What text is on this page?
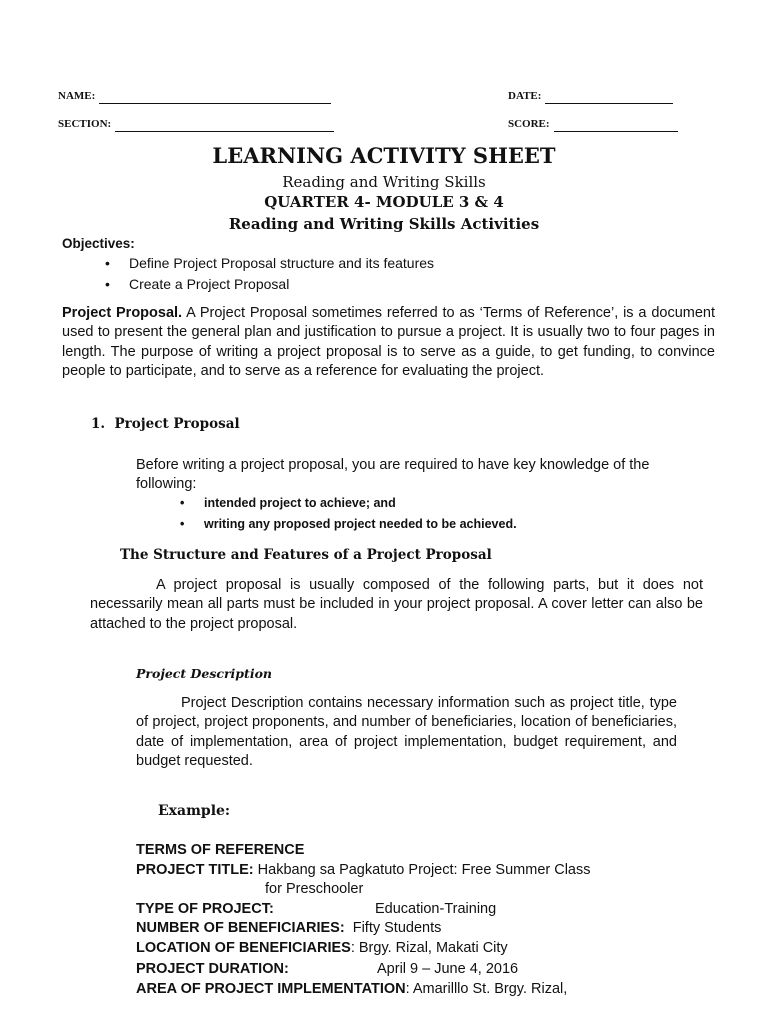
NAME:	DATE:
SECTION:	SCORE:
LEARNING ACTIVITY SHEET
Reading and Writing Skills
QUARTER 4- MODULE 3 & 4
Reading and Writing Skills Activities
Objectives:
• Define Project Proposal structure and its features
• Create a Project Proposal
Project Proposal. A Project Proposal sometimes referred to as ‘Terms of Reference’, is a document used to present the general plan and justification to pursue a project. It is usually two to four pages in length. The purpose of writing a project proposal is to serve as a guide, to get funding, to convince people to participate, and to serve as a reference for evaluating the project.
1. Project Proposal
Before writing a project proposal, you are required to have key knowledge of the following:
• intended project to achieve; and
• writing any proposed project needed to be achieved.
The Structure and Features of a Project Proposal
A project proposal is usually composed of the following parts, but it does not necessarily mean all parts must be included in your project proposal. A cover letter can also be attached to the project proposal.
Project Description
Project Description contains necessary information such as project title, type of project, project proponents, and number of beneficiaries, location of beneficiaries, date of implementation, area of project implementation, budget requirement, and budget requested.
Example:
TERMS OF REFERENCE
PROJECT TITLE: Hakbang sa Pagkatuto Project: Free Summer Class
for Preschooler
TYPE OF PROJECT:	Education-Training
NUMBER OF BENEFICIARIES: Fifty Students
LOCATION OF BENEFICIARIES: Brgy. Rizal, Makati City
PROJECT DURATION:	April 9 – June 4, 2016
AREA OF PROJECT IMPLEMENTATION: Amarilllo St. Brgy. Rizal,
